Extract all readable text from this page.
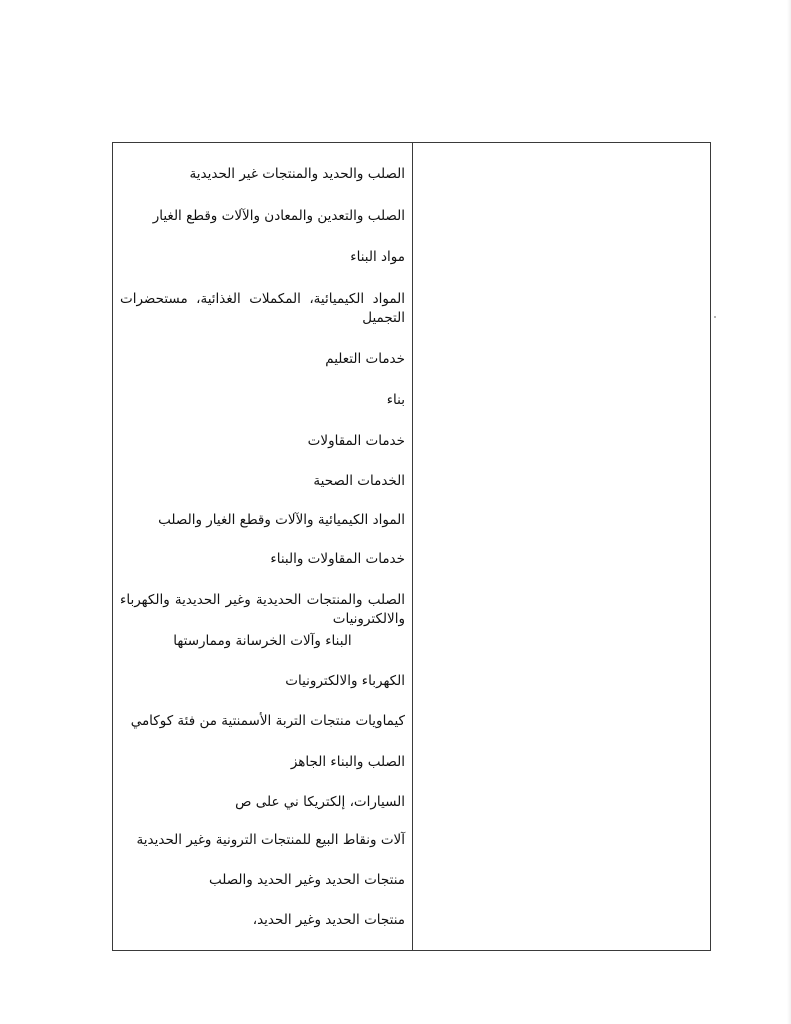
الصلب والحديد والمنتجات غير الحديدية
الصلب والتعدين والمعادن والآلات وقطع الغيار
مواد البناء
المواد الكيميائية، المكملات الغذائية، مستحضرات التجميل
خدمات التعليم
بناء
خدمات المقاولات
الخدمات الصحية
المواد الكيميائية والآلات وقطع الغيار والصلب
خدمات المقاولات والبناء
الصلب والمنتجات الحديدية وغير الحديدية والكهرباء والالكترونيات
البناء وآلات الخرسانة وممارستها
الكهرباء والالكترونيات
كيماويات منتجات التربة الأسمنتية من فئة كوكامي
الصلب والبناء الجاهز
السيارات، إلكتريكا ني على ص
آلات ونقاط البيع للمنتجات الترونية وغير الحديدية
منتجات الحديد وغير الحديد والصلب
منتجات الحديد وغير الحديد،
